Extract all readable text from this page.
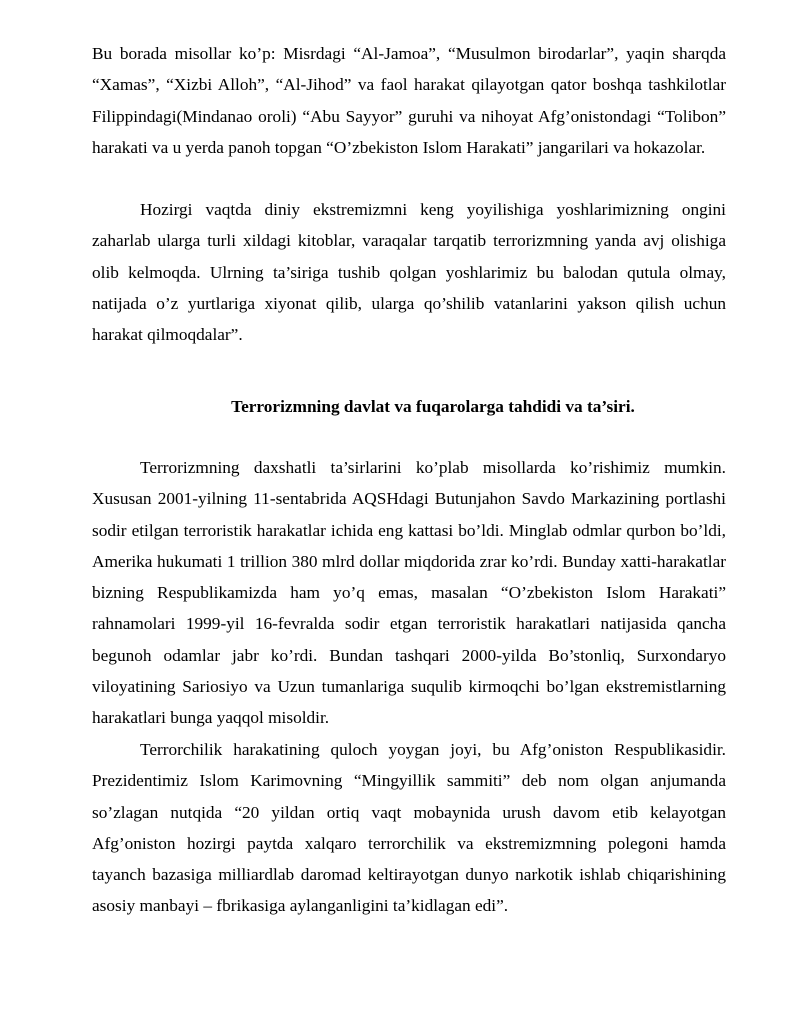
Bu borada misollar ko’p: Misrdagi “Al-Jamoa”, “Musulmon birodarlar”, yaqin sharqda “Xamas”, “Xizbi Alloh”, “Al-Jihod” va faol harakat qilayotgan qator boshqa tashkilotlar Filippindagi(Mindanao oroli) “Abu Sayyor” guruhi va nihoyat Afg’onistondagi “Tolibon” harakati va u yerda panoh topgan “O’zbekiston Islom Harakati” jangarilari va hokazolar.

Hozirgi vaqtda diniy ekstremizmni keng yoyilishiga yoshlarimizning ongini zaharlab ularga turli xildagi kitoblar, varaqalar tarqatib terrorizmning yanda avj olishiga olib kelmoqda. Ulrning ta’siriga tushib qolgan yoshlarimiz bu balodan qutula olmay, natijada o’z yurtlariga xiyonat qilib, ularga qo’shilib vatanlarini yakson qilish uchun harakat qilmoqdalar”.

Terrorizmning davlat va fuqarolarga tahdidi va ta’siri.

Terrorizmning daxshatli ta’sirlarini ko’plab misollarda ko’rishimiz mumkin. Xususan 2001-yilning 11-sentabrida AQSHdagi Butunjahon Savdo Markazining portlashi sodir etilgan terroristik harakatlar ichida eng kattasi bo’ldi. Minglab odmlar qurbon bo’ldi, Amerika hukumati 1 trillion 380 mlrd dollar miqdorida zrar ko’rdi. Bunday xatti-harakatlar bizning Respublikamizda ham yo’q emas, masalan “O’zbekiston Islom Harakati” rahnamolari 1999-yil 16-fevralda sodir etgan terroristik harakatlari natijasida qancha begunoh odamlar jabr ko’rdi. Bundan tashqari 2000-yilda Bo’stonliq, Surxondaryo viloyatining Sariosiyo va Uzun tumanlariga suqulib kirmoqchi bo’lgan ekstremistlarning harakatlari bunga yaqqol misoldir.

Terrorchilik harakatining quloch yoygan joyi, bu Afg’oniston Respublikasidir. Prezidentimiz Islom Karimovning “Mingyillik sammiti” deb nom olgan anjumanda so’zlagan nutqida “20 yildan ortiq vaqt mobaynida urush davom etib kelayotgan Afg’oniston hozirgi paytda xalqaro terrorchilik va ekstremizmning polegoni hamda tayanch bazasiga milliardlab daromad keltirayotgan dunyo narkotik ishlab chiqarishining asosiy manbayi – fbrikasiga aylanganligini ta’kidlagan edi”.
